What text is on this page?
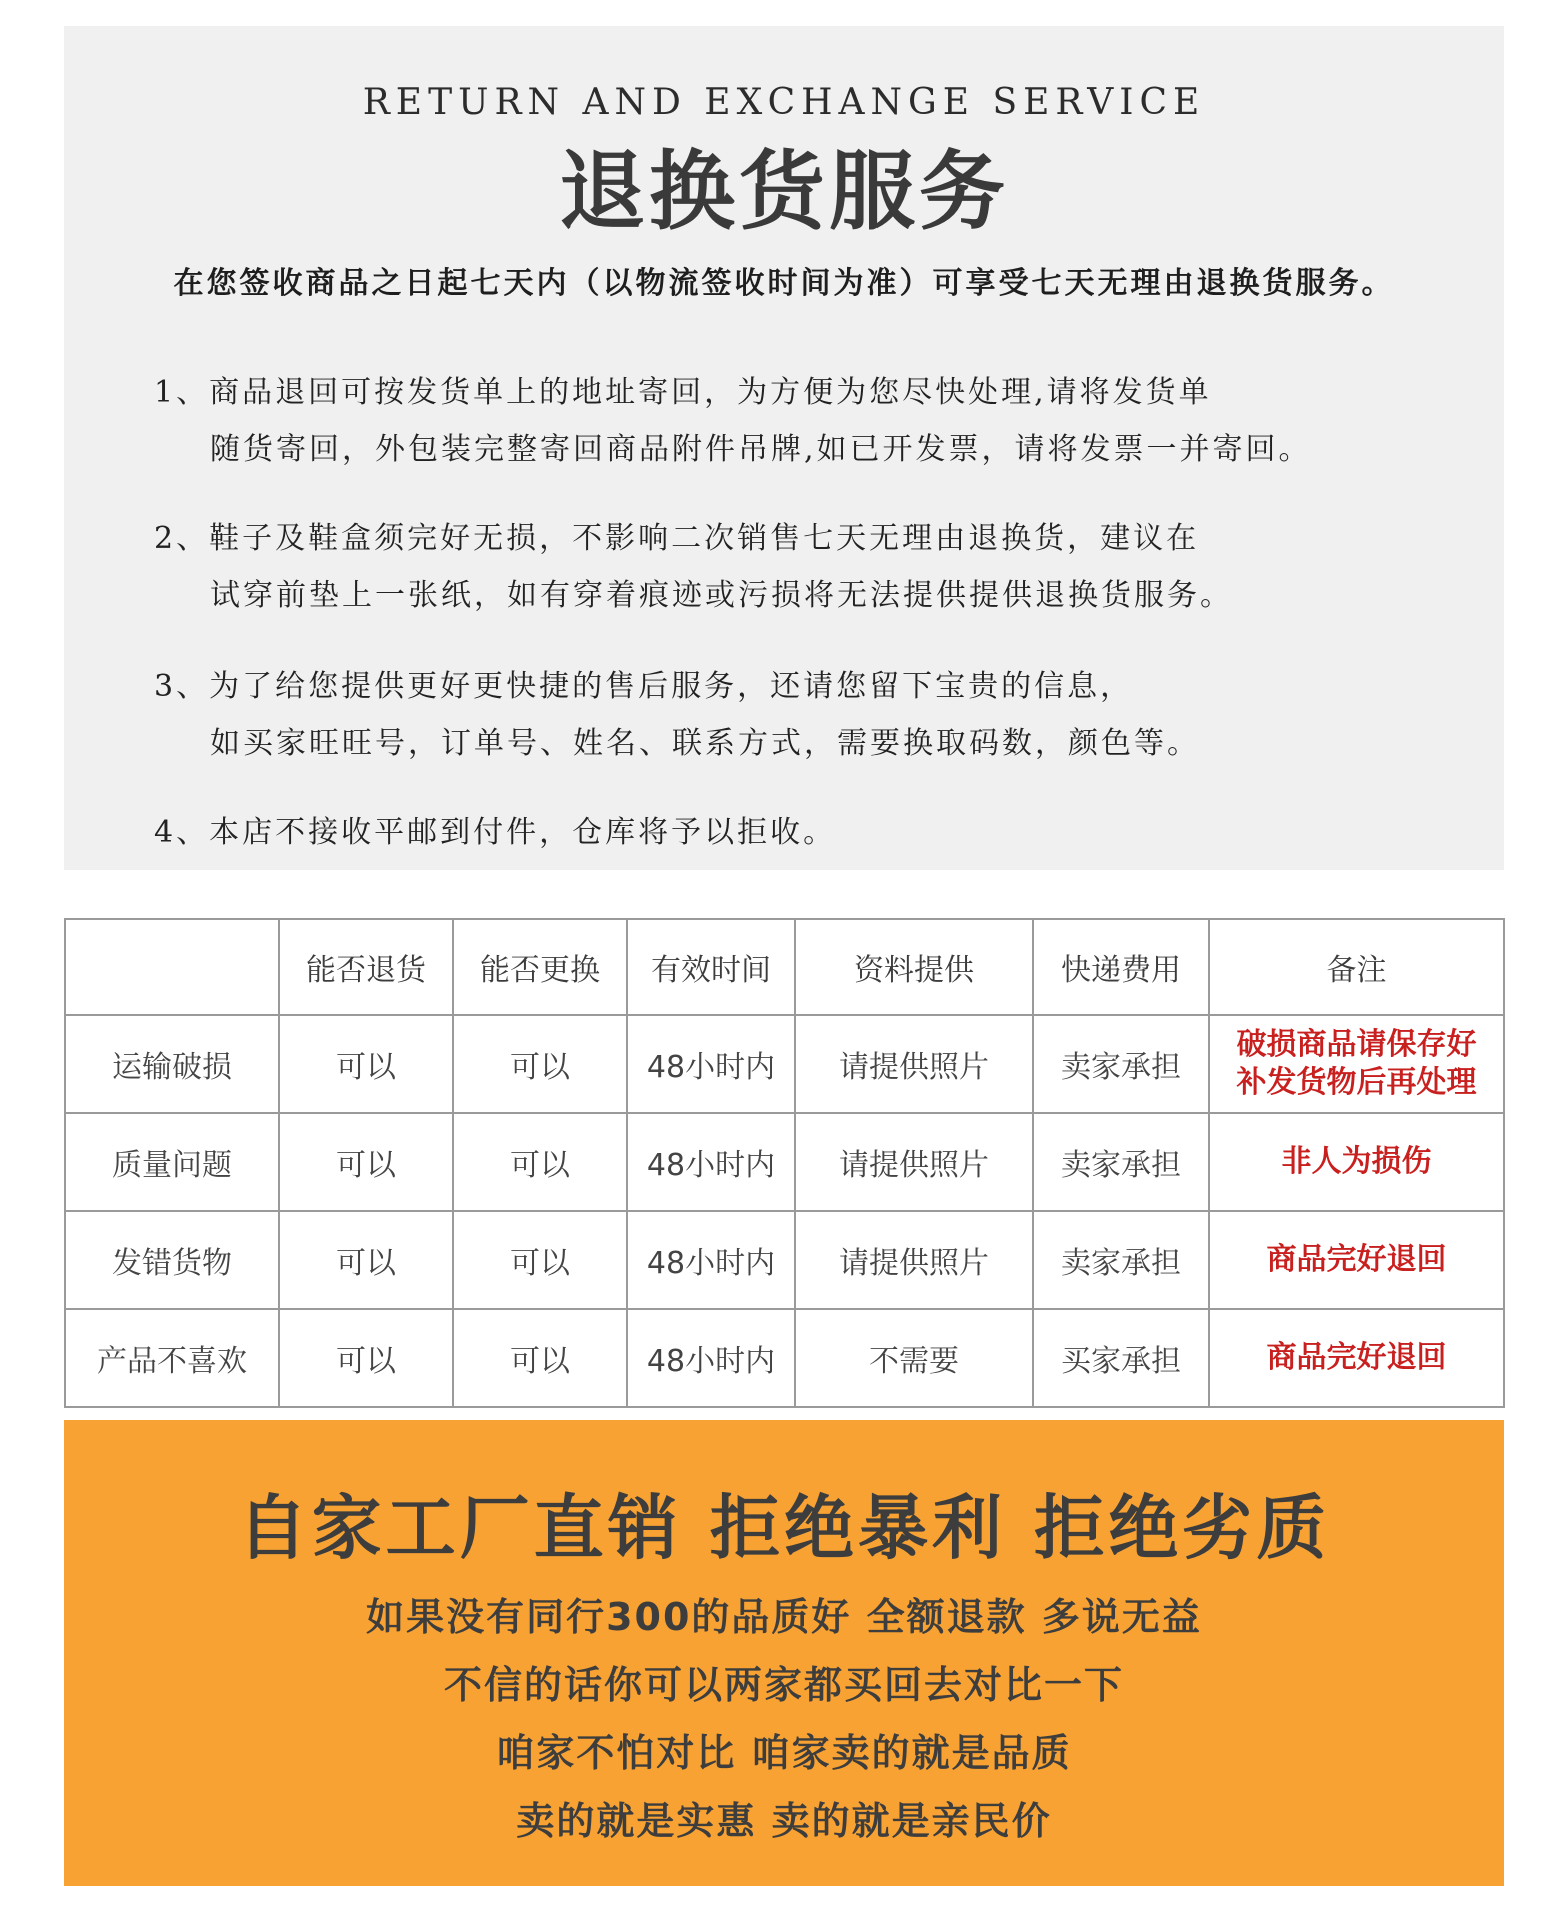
RETURN AND EXCHANGE SERVICE
退换货服务
在您签收商品之日起七天内（以物流签收时间为准）可享受七天无理由退换货服务。
1、商品退回可按发货单上的地址寄回，为方便为您尽快处理,请将发货单
随货寄回，外包装完整寄回商品附件吊牌,如已开发票，请将发票一并寄回。
2、鞋子及鞋盒须完好无损，不影响二次销售七天无理由退换货，建议在
试穿前垫上一张纸，如有穿着痕迹或污损将无法提供提供退换货服务。
3、为了给您提供更好更快捷的售后服务，还请您留下宝贵的信息，
如买家旺旺号，订单号、姓名、联系方式，需要换取码数，颜色等。
4、本店不接收平邮到付件，仓库将予以拒收。
	能否退货	能否更换	有效时间	资料提供	快递费用	备注
运输破损	可以	可以	48小时内	请提供照片	卖家承担	破损商品请保存好
补发货物后再处理

质量问题	可以	可以	48小时内	请提供照片	卖家承担	非人为损伤
发错货物	可以	可以	48小时内	请提供照片	卖家承担	商品完好退回
产品不喜欢	可以	可以	48小时内	不需要	买家承担	商品完好退回
自家工厂直销 拒绝暴利 拒绝劣质
如果没有同行300的品质好 全额退款 多说无益
不信的话你可以两家都买回去对比一下
咱家不怕对比 咱家卖的就是品质
卖的就是实惠 卖的就是亲民价
